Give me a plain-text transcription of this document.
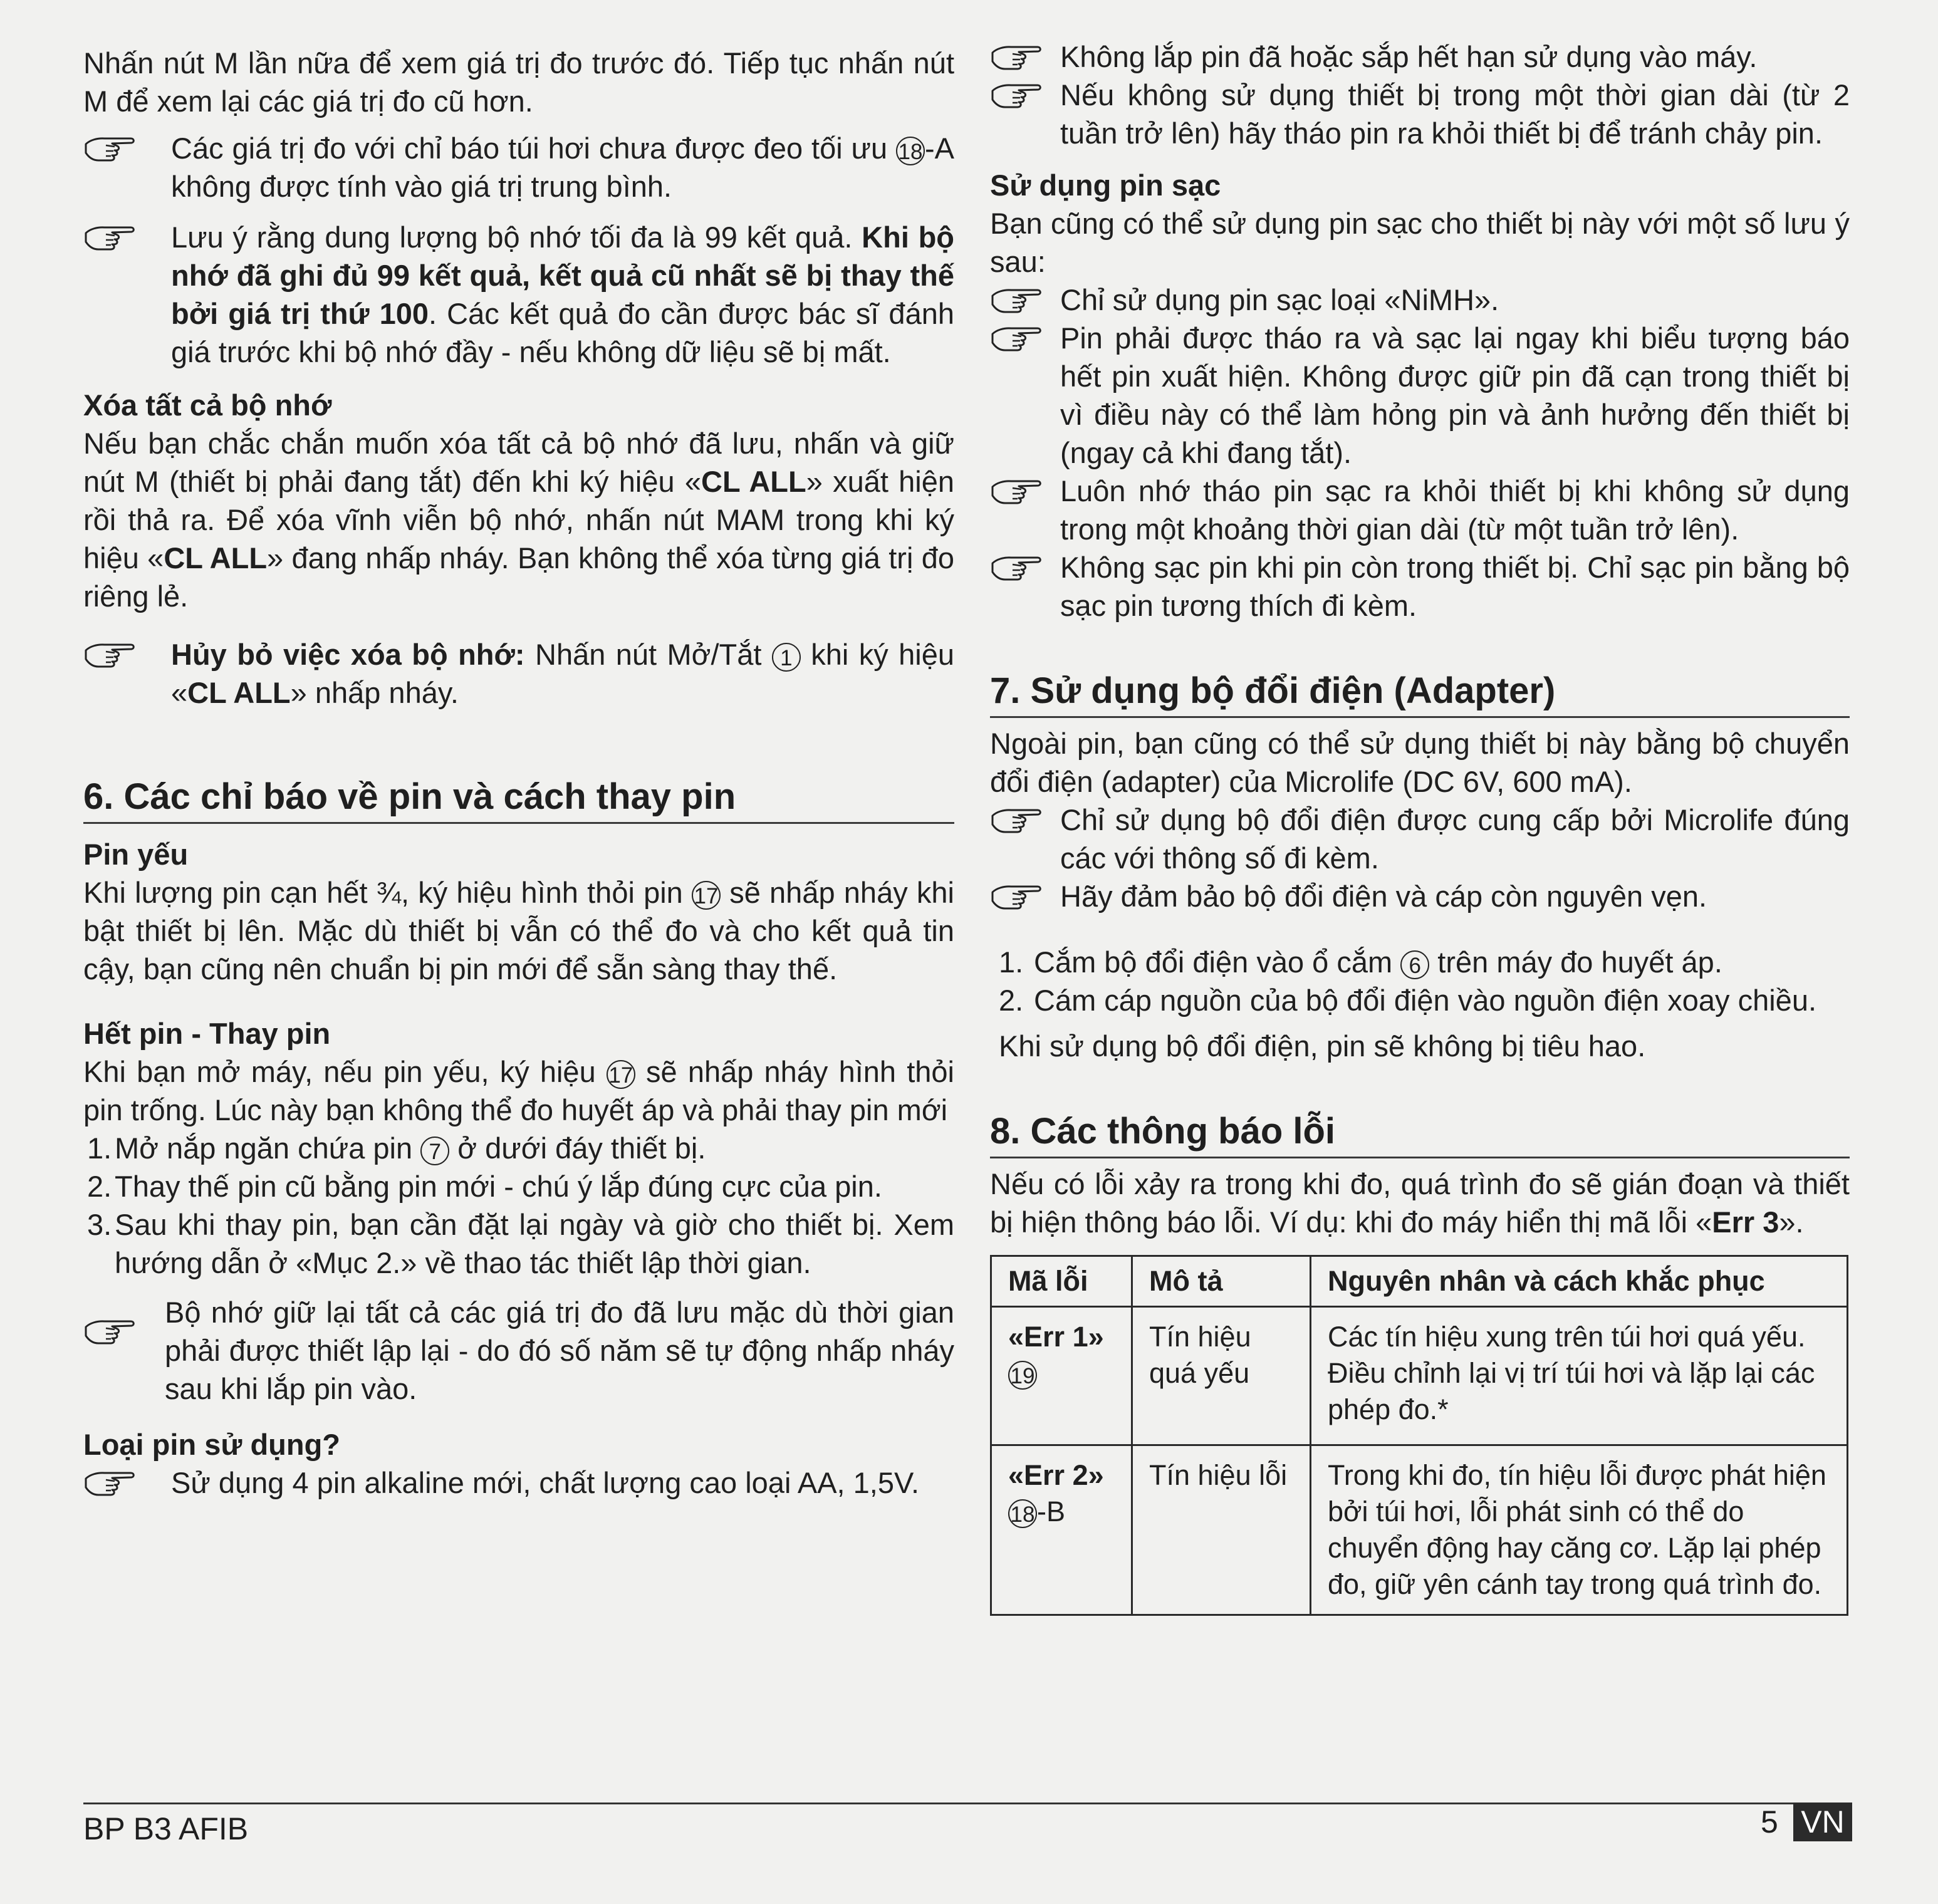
Nhấn nút M lần nữa để xem giá trị đo trước đó. Tiếp tục nhấn nút M để xem lại các giá trị đo cũ hơn.

Các giá trị đo với chỉ báo túi hơi chưa được đeo tối ưu 18-A không được tính vào giá trị trung bình.
Lưu ý rằng dung lượng bộ nhớ tối đa là 99 kết quả. Khi bộ nhớ đã ghi đủ 99 kết quả, kết quả cũ nhất sẽ bị thay thế bởi giá trị thứ 100. Các kết quả đo cần được bác sĩ đánh giá trước khi bộ nhớ đầy - nếu không dữ liệu sẽ bị mất.
Xóa tất cả bộ nhớ

Nếu bạn chắc chắn muốn xóa tất cả bộ nhớ đã lưu, nhấn và giữ nút M (thiết bị phải đang tắt) đến khi ký hiệu «CL ALL» xuất hiện rồi thả ra. Để xóa vĩnh viễn bộ nhớ, nhấn nút MAM trong khi ký hiệu «CL ALL» đang nhấp nháy. Bạn không thể xóa từng giá trị đo riêng lẻ.

Hủy bỏ việc xóa bộ nhớ: Nhấn nút Mở/Tắt 1 khi ký hiệu «CL ALL» nhấp nháy.
6. Các chỉ báo về pin và cách thay pin
Pin yếu

Khi lượng pin cạn hết ¾, ký hiệu hình thỏi pin 17 sẽ nhấp nháy khi bật thiết bị lên. Mặc dù thiết bị vẫn có thể đo và cho kết quả tin cậy, bạn cũng nên chuẩn bị pin mới để sẵn sàng thay thế.

Hết pin - Thay pin

Khi bạn mở máy, nếu pin yếu, ký hiệu 17 sẽ nhấp nháy hình thỏi pin trống. Lúc này bạn không thể đo huyết áp và phải thay pin mới

1. Mở nắp ngăn chứa pin 7 ở dưới đáy thiết bị.
2. Thay thế pin cũ bằng pin mới - chú ý lắp đúng cực của pin.
3. Sau khi thay pin, bạn cần đặt lại ngày và giờ cho thiết bị. Xem hướng dẫn ở «Mục 2.» về thao tác thiết lập thời gian.
Bộ nhớ giữ lại tất cả các giá trị đo đã lưu mặc dù thời gian phải được thiết lập lại - do đó số năm sẽ tự động nhấp nháy sau khi lắp pin vào.
Loại pin sử dụng?
Sử dụng 4 pin alkaline mới, chất lượng cao loại AA, 1,5V.
Không lắp pin đã hoặc sắp hết hạn sử dụng vào máy.
Nếu không sử dụng thiết bị trong một thời gian dài (từ 2 tuần trở lên) hãy tháo pin ra khỏi thiết bị để tránh chảy pin.
Sử dụng pin sạc

Bạn cũng có thể sử dụng pin sạc cho thiết bị này với một số lưu ý sau:

Chỉ sử dụng pin sạc loại «NiMH».
Pin phải được tháo ra và sạc lại ngay khi biểu tượng báo hết pin xuất hiện. Không được giữ pin đã cạn trong thiết bị vì điều này có thể làm hỏng pin và ảnh hưởng đến thiết bị (ngay cả khi đang tắt).
Luôn nhớ tháo pin sạc ra khỏi thiết bị khi không sử dụng trong một khoảng thời gian dài (từ một tuần trở lên).
Không sạc pin khi pin còn trong thiết bị. Chỉ sạc pin bằng bộ sạc pin tương thích đi kèm.
7. Sử dụng bộ đổi điện (Adapter)

Ngoài pin, bạn cũng có thể sử dụng thiết bị này bằng bộ chuyển đổi điện (adapter) của Microlife (DC 6V, 600 mA).

Chỉ sử dụng bộ đổi điện được cung cấp bởi Microlife đúng các với thông số đi kèm.
Hãy đảm bảo bộ đổi điện và cáp còn nguyên vẹn.
1. Cắm bộ đổi điện vào ổ cắm 6 trên máy đo huyết áp.
2. Cám cáp nguồn của bộ đổi điện vào nguồn điện xoay chiều.

Khi sử dụng bộ đổi điện, pin sẽ không bị tiêu hao.

8. Các thông báo lỗi

Nếu có lỗi xảy ra trong khi đo, quá trình đo sẽ gián đoạn và thiết bị hiện thông báo lỗi. Ví dụ: khi đo máy hiển thị mã lỗi «Err 3».

Mã lỗi	Mô tả	Nguyên nhân và cách khắc phục
«Err 1»
19	Tín hiệu quá yếu	Các tín hiệu xung trên túi hơi quá yếu. Điều chỉnh lại vị trí túi hơi và lặp lại các phép đo.*
«Err 2»
18-B	Tín hiệu lỗi	Trong khi đo, tín hiệu lỗi được phát hiện bởi túi hơi, lỗi phát sinh có thể do chuyển động hay căng cơ. Lặp lại phép đo, giữ yên cánh tay trong quá trình đo.
BP B3 AFIB	5 VN
